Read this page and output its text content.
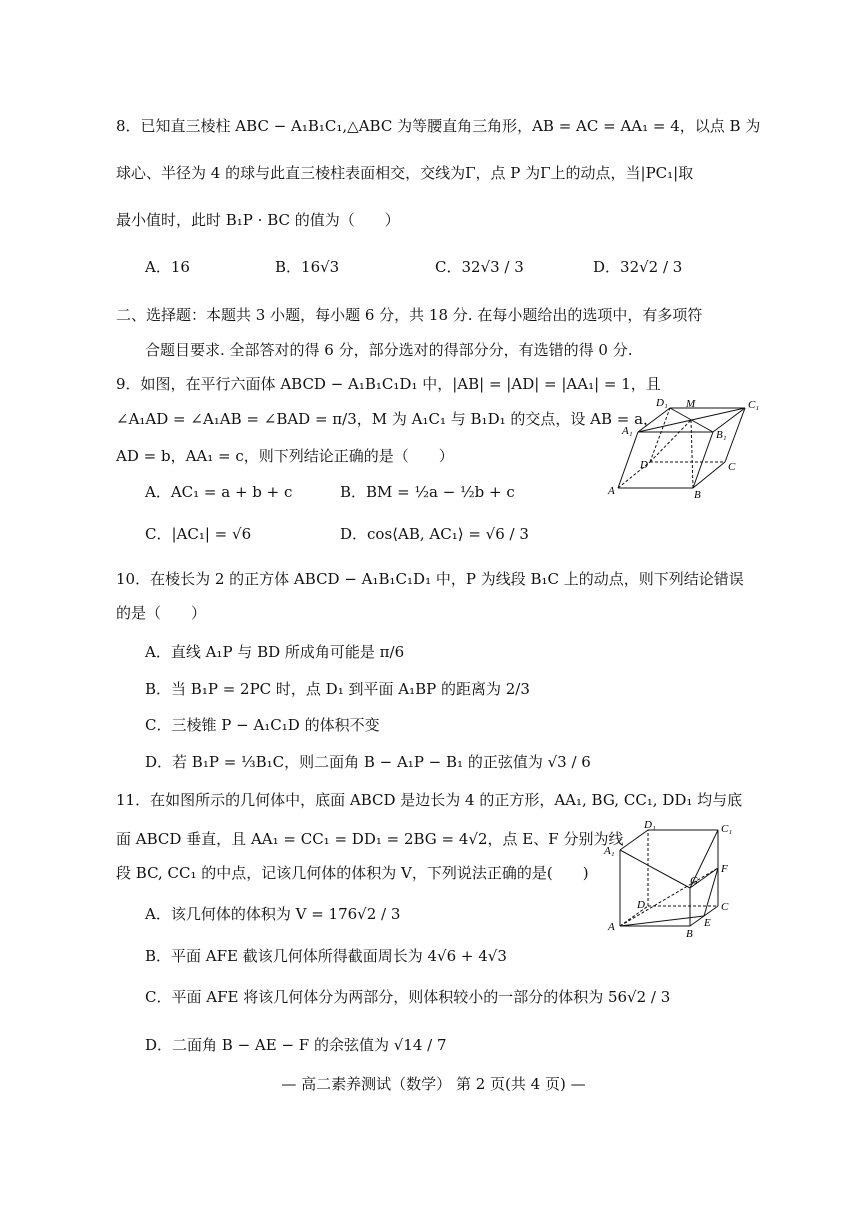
8．已知直三棱柱 ABC − A₁B₁C₁,△ABC 为等腰直角三角形，AB = AC = AA₁ = 4，以点 B 为
球心、半径为 4 的球与此直三棱柱表面相交，交线为Γ，点 P 为Γ上的动点，当|PC₁|取
最小值时，此时 B₁P · BC 的值为（　　）
A．16	B．16√3	C．32√3 / 3	D．32√2 / 3
二、选择题：本题共 3 小题，每小题 6 分，共 18 分. 在每小题给出的选项中，有多项符
合题目要求. 全部答对的得 6 分，部分选对的得部分分，有选错的得 0 分.
9．如图，在平行六面体 ABCD − A₁B₁C₁D₁ 中，|AB| = |AD| = |AA₁| = 1，且
∠A₁AD = ∠A₁AB = ∠BAD = π/3，M 为 A₁C₁ 与 B₁D₁ 的交点，设 AB = a，
AD = b，AA₁ = c，则下列结论正确的是（　　）
A．AC₁ = a + b + c	B．BM = ½a − ½b + c
C．|AC₁| = √6	D．cos⟨AB, AC₁⟩ = √6 / 3
D₁ M	C₁
A₁	B₁
D	C
A	B
10．在棱长为 2 的正方体 ABCD − A₁B₁C₁D₁ 中，P 为线段 B₁C 上的动点，则下列结论错误
的是（　　）
A．直线 A₁P 与 BD 所成角可能是 π/6
B．当 B₁P = 2PC 时，点 D₁ 到平面 A₁BP 的距离为 2/3
C．三棱锥 P − A₁C₁D 的体积不变
D．若 B₁P = ⅓B₁C，则二面角 B − A₁P − B₁ 的正弦值为 √3 / 6
11．在如图所示的几何体中，底面 ABCD 是边长为 4 的正方形，AA₁, BG, CC₁, DD₁ 均与底
面 ABCD 垂直，且 AA₁ = CC₁ = DD₁ = 2BG = 4√2，点 E、F 分别为线
段 BC, CC₁ 的中点，记该几何体的体积为 V，下列说法正确的是(　　)
A．该几何体的体积为 V = 176√2 / 3
B．平面 AFE 截该几何体所得截面周长为 4√6 + 4√3
C．平面 AFE 将该几何体分为两部分，则体积较小的一部分的体积为 56√2 / 3
D．二面角 B − AE − F 的余弦值为 √14 / 7
D₁	C₁
A₁
F
G
D	C
A
B
E
— 高二素养测试（数学） 第 2 页(共 4 页) —
